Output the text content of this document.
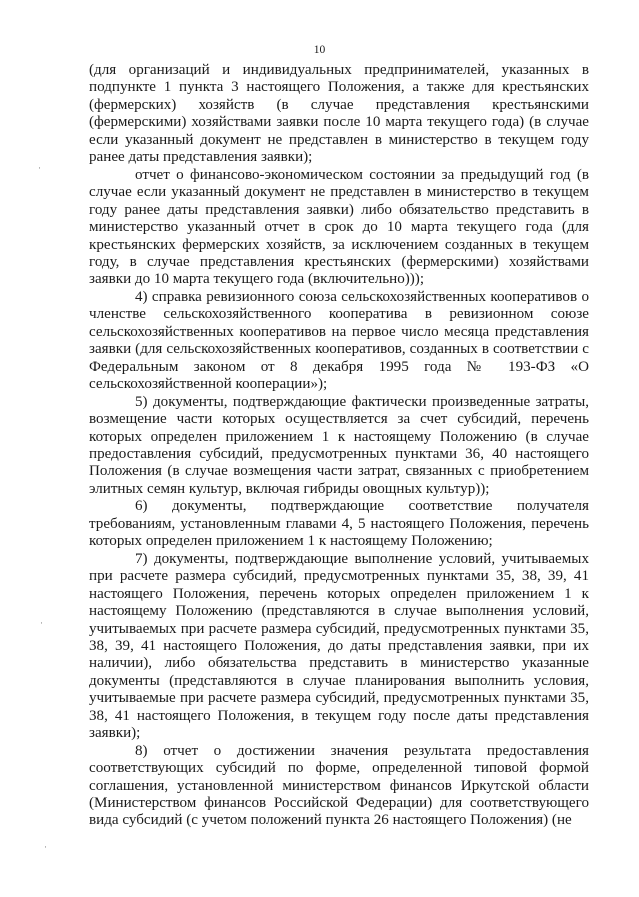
10
·
·
·

(для организаций и индивидуальных предпринимателей, указанных в подпункте 1 пункта 3 настоящего Положения, а также для крестьянских (фермерских) хозяйств (в случае представления крестьянскими (фермерскими) хозяйствами заявки после 10 марта текущего года) (в случае если указанный документ не представлен в министерство в текущем году ранее даты представления заявки);

отчет о финансово-экономическом состоянии за предыдущий год (в случае если указанный документ не представлен в министерство в текущем году ранее даты представления заявки) либо обязательство представить в министерство указанный отчет в срок до 10 марта текущего года (для крестьянских фермерских хозяйств, за исключением созданных в текущем году, в случае представления крестьянских (фермерскими) хозяйствами заявки до 10 марта текущего года (включительно)));

4) справка ревизионного союза сельскохозяйственных кооперативов о членстве сельскохозяйственного кооператива в ревизионном союзе сельскохозяйственных кооперативов на первое число месяца представления заявки (для сельскохозяйственных кооперативов, созданных в соответствии с Федеральным законом от 8 декабря 1995 года № 193-ФЗ «О сельскохозяйственной кооперации»);

5) документы, подтверждающие фактически произведенные затраты, возмещение части которых осуществляется за счет субсидий, перечень которых определен приложением 1 к настоящему Положению (в случае предоставления субсидий, предусмотренных пунктами 36, 40 настоящего Положения (в случае возмещения части затрат, связанных с приобретением элитных семян культур, включая гибриды овощных культур));

6) документы, подтверждающие соответствие получателя требованиям, установленным главами 4, 5 настоящего Положения, перечень которых определен приложением 1 к настоящему Положению;

7) документы, подтверждающие выполнение условий, учитываемых при расчете размера субсидий, предусмотренных пунктами 35, 38, 39, 41 настоящего Положения, перечень которых определен приложением 1 к настоящему Положению (представляются в случае выполнения условий, учитываемых при расчете размера субсидий, предусмотренных пунктами 35, 38, 39, 41 настоящего Положения, до даты представления заявки, при их наличии), либо обязательства представить в министерство указанные документы (представляются в случае планирования выполнить условия, учитываемые при расчете размера субсидий, предусмотренных пунктами 35, 38, 41 настоящего Положения, в текущем году после даты представления заявки);

8) отчет о достижении значения результата предоставления соответствующих субсидий по форме, определенной типовой формой соглашения, установленной министерством финансов Иркутской области (Министерством финансов Российской Федерации) для соответствующего вида субсидий (с учетом положений пункта 26 настоящего Положения) (не
